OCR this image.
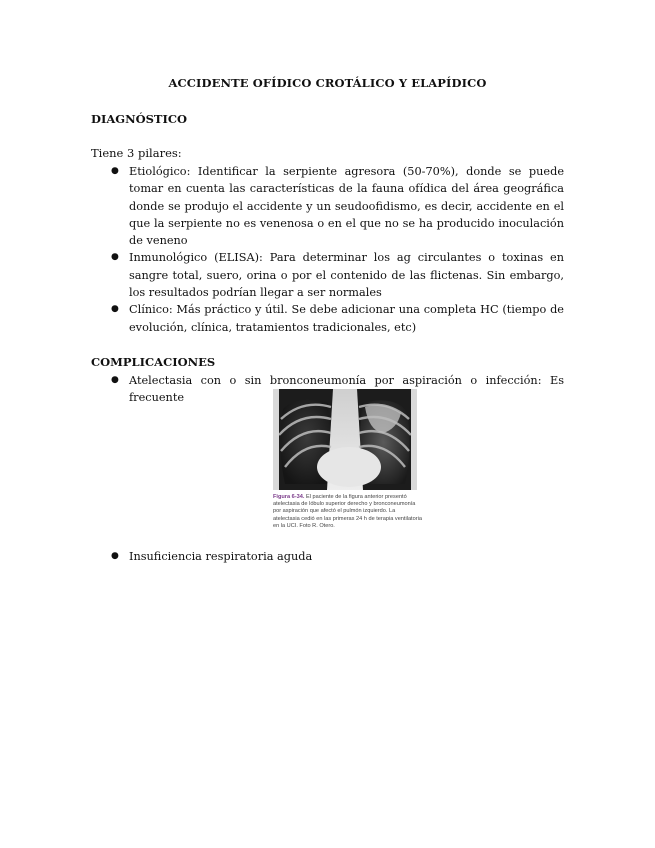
ACCIDENTE OFÍDICO CROTÁLICO Y ELAPÍDICO
DIAGNÓSTICO
Tiene 3 pilares:
● Etiológico: Identificar la serpiente agresora (50-70%), donde se puede tomar en cuenta las características de la fauna ofídica del área geográfica donde se produjo el accidente y un seudoofidismo, es decir, accidente en el que la serpiente no es venenosa o en el que no se ha producido inoculación de veneno
● Inmunológico (ELISA): Para determinar los ag circulantes o toxinas en sangre total, suero, orina o por el contenido de las flictenas. Sin embargo, los resultados podrían llegar a ser normales
● Clínico: Más práctico y útil. Se debe adicionar una completa HC (tiempo de evolución, clínica, tratamientos tradicionales, etc)
COMPLICACIONES
● Atelectasia con o sin bronconeumonía por aspiración o infección: Es frecuente
Figura 6-34. El paciente de la figura anterior presentó atelectasia de lóbulo superior derecho y bronconeumonía por aspiración que afectó el pulmón izquierdo. La atelectasia cedió en las primeras 24 h de terapia ventilatoria en la UCI. Foto R. Otero.
● Insuficiencia respiratoria aguda
